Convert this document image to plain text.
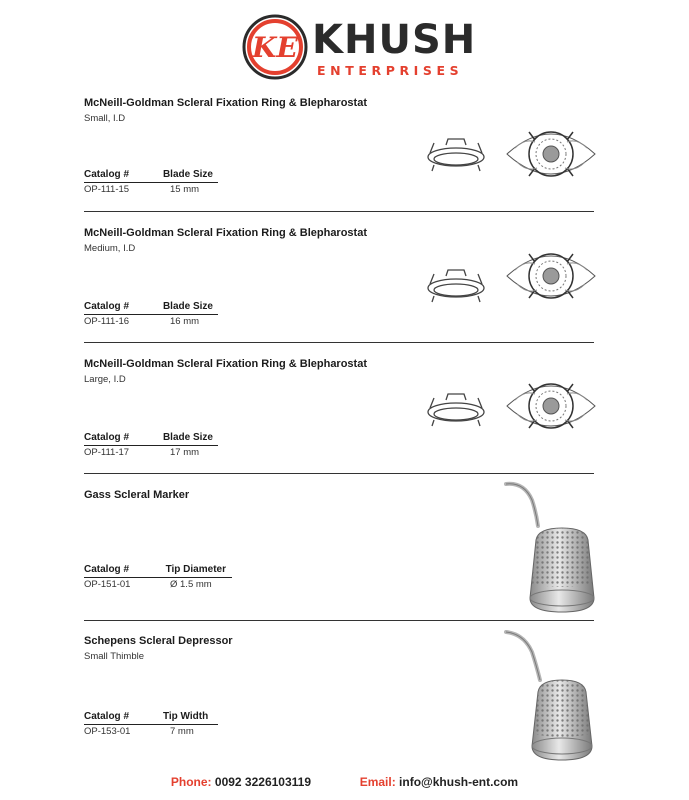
KE KHUSH
ENTERPRISES
McNeill-Goldman Scleral Fixation Ring & Blepharostat
Small, I.D
Catalog #	Blade Size
OP-111-15	15 mm
McNeill-Goldman Scleral Fixation Ring & Blepharostat
Medium, I.D
Catalog #	Blade Size
OP-111-16	16 mm
McNeill-Goldman Scleral Fixation Ring & Blepharostat
Large, I.D
Catalog #	Blade Size
OP-111-17	17 mm
Gass Scleral Marker
Catalog #	Tip Diameter
OP-151-01	Ø 1.5 mm
Schepens Scleral Depressor
Small Thimble
Catalog #	Tip Width
OP-153-01	7 mm
Phone: 0092 3226103119	Email: info@khush-ent.com
